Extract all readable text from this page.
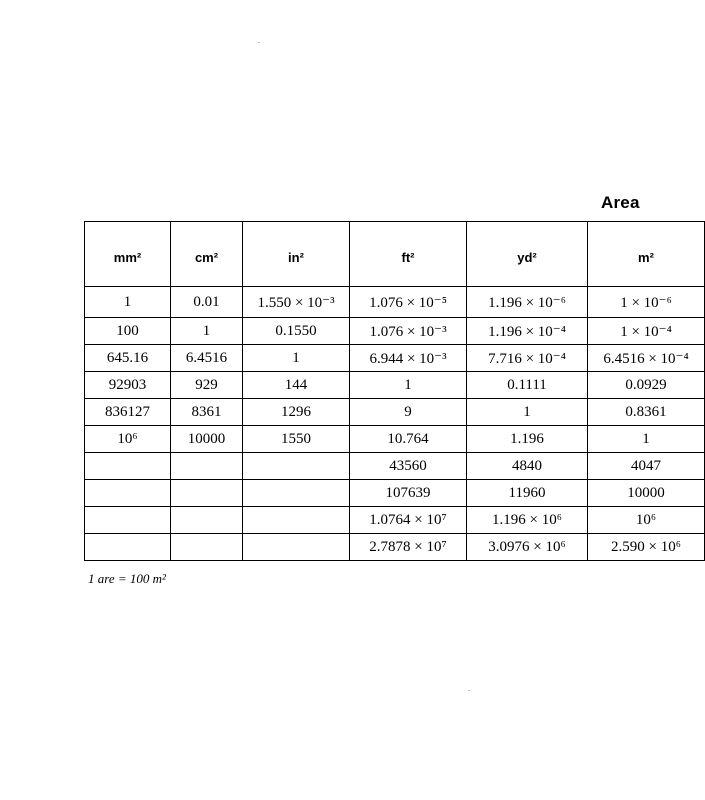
Area
mm²	cm²	in²	ft²	yd²	m²
1	0.01	1.550 × 10⁻³	1.076 × 10⁻⁵	1.196 × 10⁻⁶	1 × 10⁻⁶
100	1	0.1550	1.076 × 10⁻³	1.196 × 10⁻⁴	1 × 10⁻⁴
645.16	6.4516	1	6.944 × 10⁻³	7.716 × 10⁻⁴	6.4516 × 10⁻⁴
92903	929	144	1	0.1111	0.0929
836127	8361	1296	9	1	0.8361
10⁶	10000	1550	10.764	1.196	1
			43560	4840	4047
			107639	11960	10000
			1.0764 × 10⁷	1.196 × 10⁶	10⁶
			2.7878 × 10⁷	3.0976 × 10⁶	2.590 × 10⁶
1 are = 100 m²
